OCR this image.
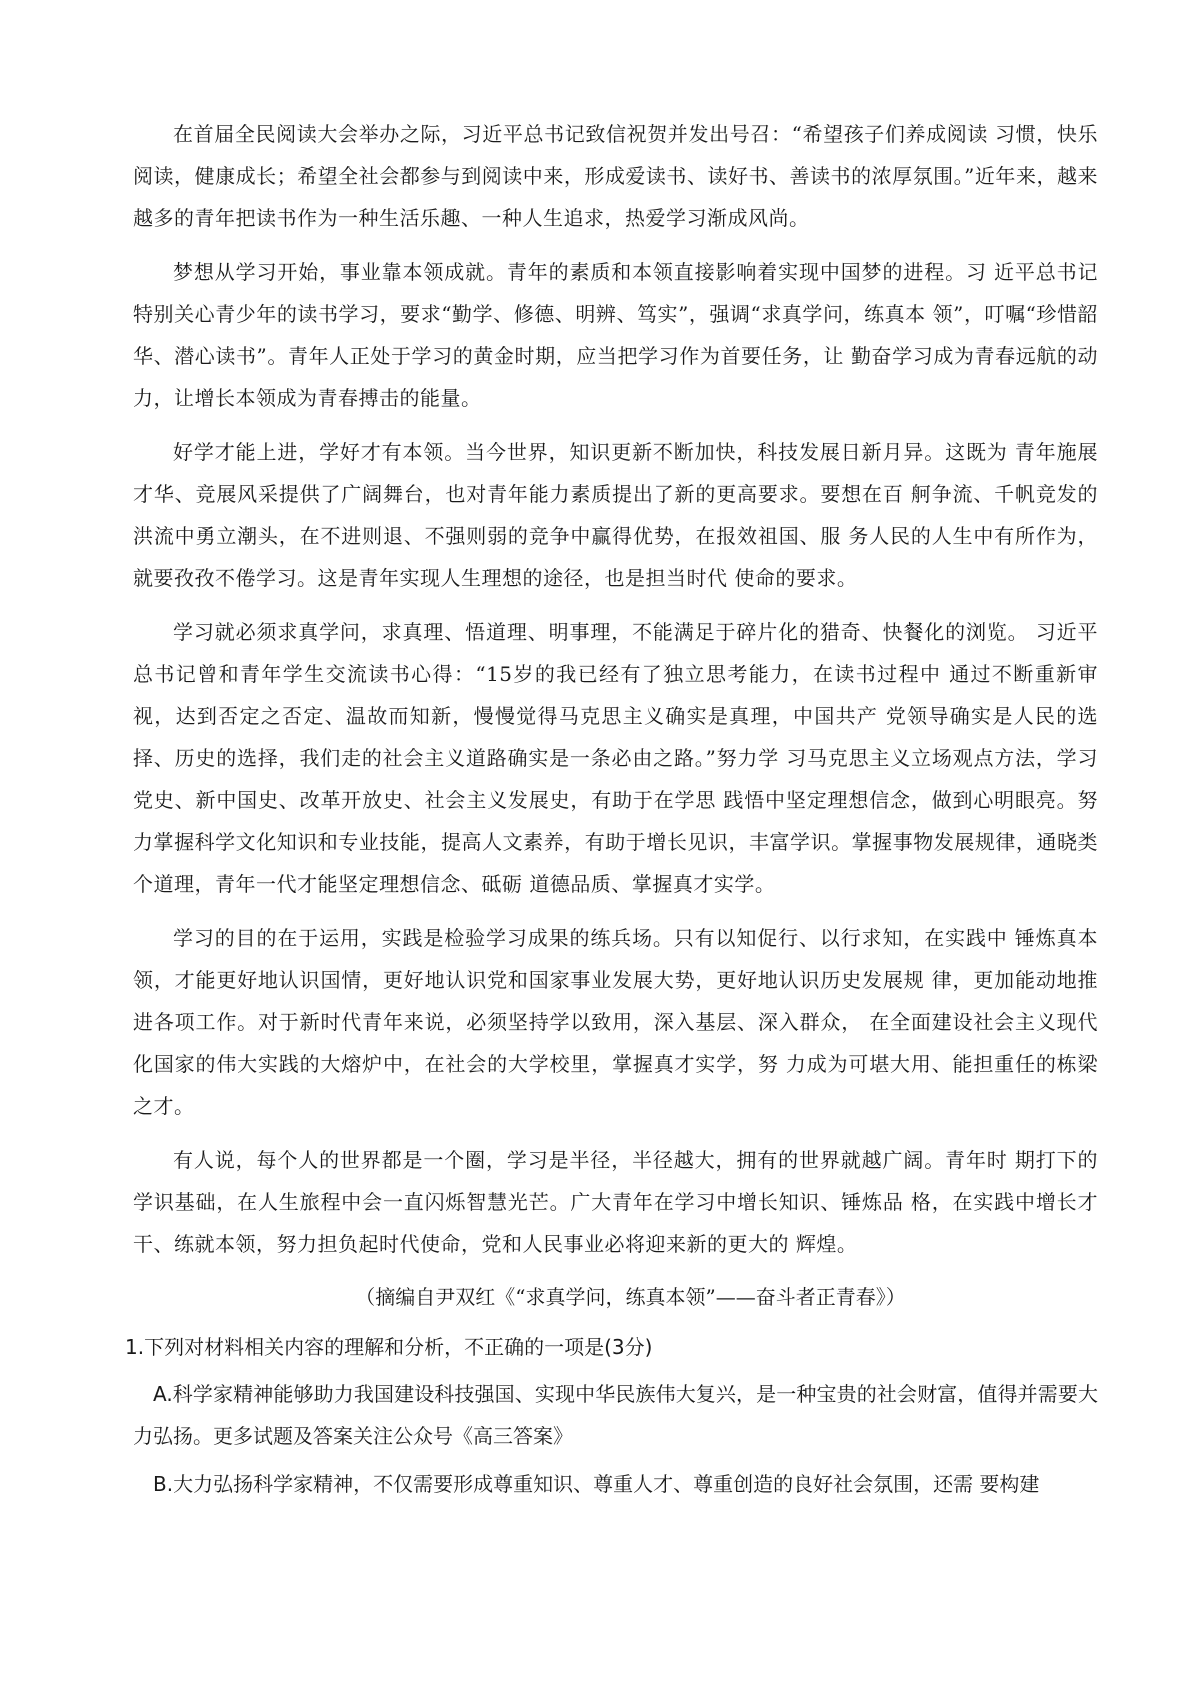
在首届全民阅读大会举办之际，习近平总书记致信祝贺并发出号召：“希望孩子们养成阅读 习惯，快乐阅读，健康成长；希望全社会都参与到阅读中来，形成爱读书、读好书、善读书的浓厚氛围。”近年来，越来越多的青年把读书作为一种生活乐趣、一种人生追求，热爱学习渐成风尚。

梦想从学习开始，事业靠本领成就。青年的素质和本领直接影响着实现中国梦的进程。习 近平总书记特别关心青少年的读书学习，要求“勤学、修德、明辨、笃实”，强调“求真学问，练真本 领”，叮嘱“珍惜韶华、潜心读书”。青年人正处于学习的黄金时期，应当把学习作为首要任务，让 勤奋学习成为青春远航的动力，让增长本领成为青春搏击的能量。

好学才能上进，学好才有本领。当今世界，知识更新不断加快，科技发展日新月异。这既为 青年施展才华、竞展风采提供了广阔舞台，也对青年能力素质提出了新的更高要求。要想在百 舸争流、千帆竞发的洪流中勇立潮头，在不进则退、不强则弱的竞争中赢得优势，在报效祖国、服 务人民的人生中有所作为，就要孜孜不倦学习。这是青年实现人生理想的途径，也是担当时代 使命的要求。

学习就必须求真学问，求真理、悟道理、明事理，不能满足于碎片化的猎奇、快餐化的浏览。 习近平总书记曾和青年学生交流读书心得：“15岁的我已经有了独立思考能力，在读书过程中 通过不断重新审视，达到否定之否定、温故而知新，慢慢觉得马克思主义确实是真理，中国共产 党领导确实是人民的选择、历史的选择，我们走的社会主义道路确实是一条必由之路。”努力学 习马克思主义立场观点方法，学习党史、新中国史、改革开放史、社会主义发展史，有助于在学思 践悟中坚定理想信念，做到心明眼亮。努力掌握科学文化知识和专业技能，提高人文素养，有助于增长见识，丰富学识。掌握事物发展规律，通晓类个道理，青年一代才能坚定理想信念、砥砺 道德品质、掌握真才实学。

学习的目的在于运用，实践是检验学习成果的练兵场。只有以知促行、以行求知，在实践中 锤炼真本领，才能更好地认识国情，更好地认识党和国家事业发展大势，更好地认识历史发展规 律，更加能动地推进各项工作。对于新时代青年来说，必须坚持学以致用，深入基层、深入群众， 在全面建设社会主义现代化国家的伟大实践的大熔炉中，在社会的大学校里，掌握真才实学，努 力成为可堪大用、能担重任的栋梁之才。

有人说，每个人的世界都是一个圈，学习是半径，半径越大，拥有的世界就越广阔。青年时 期打下的学识基础，在人生旅程中会一直闪烁智慧光芒。广大青年在学习中增长知识、锤炼品 格，在实践中增长才干、练就本领，努力担负起时代使命，党和人民事业必将迎来新的更大的 辉煌。

（摘编自尹双红《“求真学问，练真本领”——奋斗者正青春》）

1.下列对材料相关内容的理解和分析，不正确的一项是(3分)

A.科学家精神能够助力我国建设科技强国、实现中华民族伟大复兴，是一种宝贵的社会财富，值得并需要大力弘扬。更多试题及答案关注公众号《高三答案》

B.大力弘扬科学家精神，不仅需要形成尊重知识、尊重人才、尊重创造的良好社会氛围，还需 要构建
